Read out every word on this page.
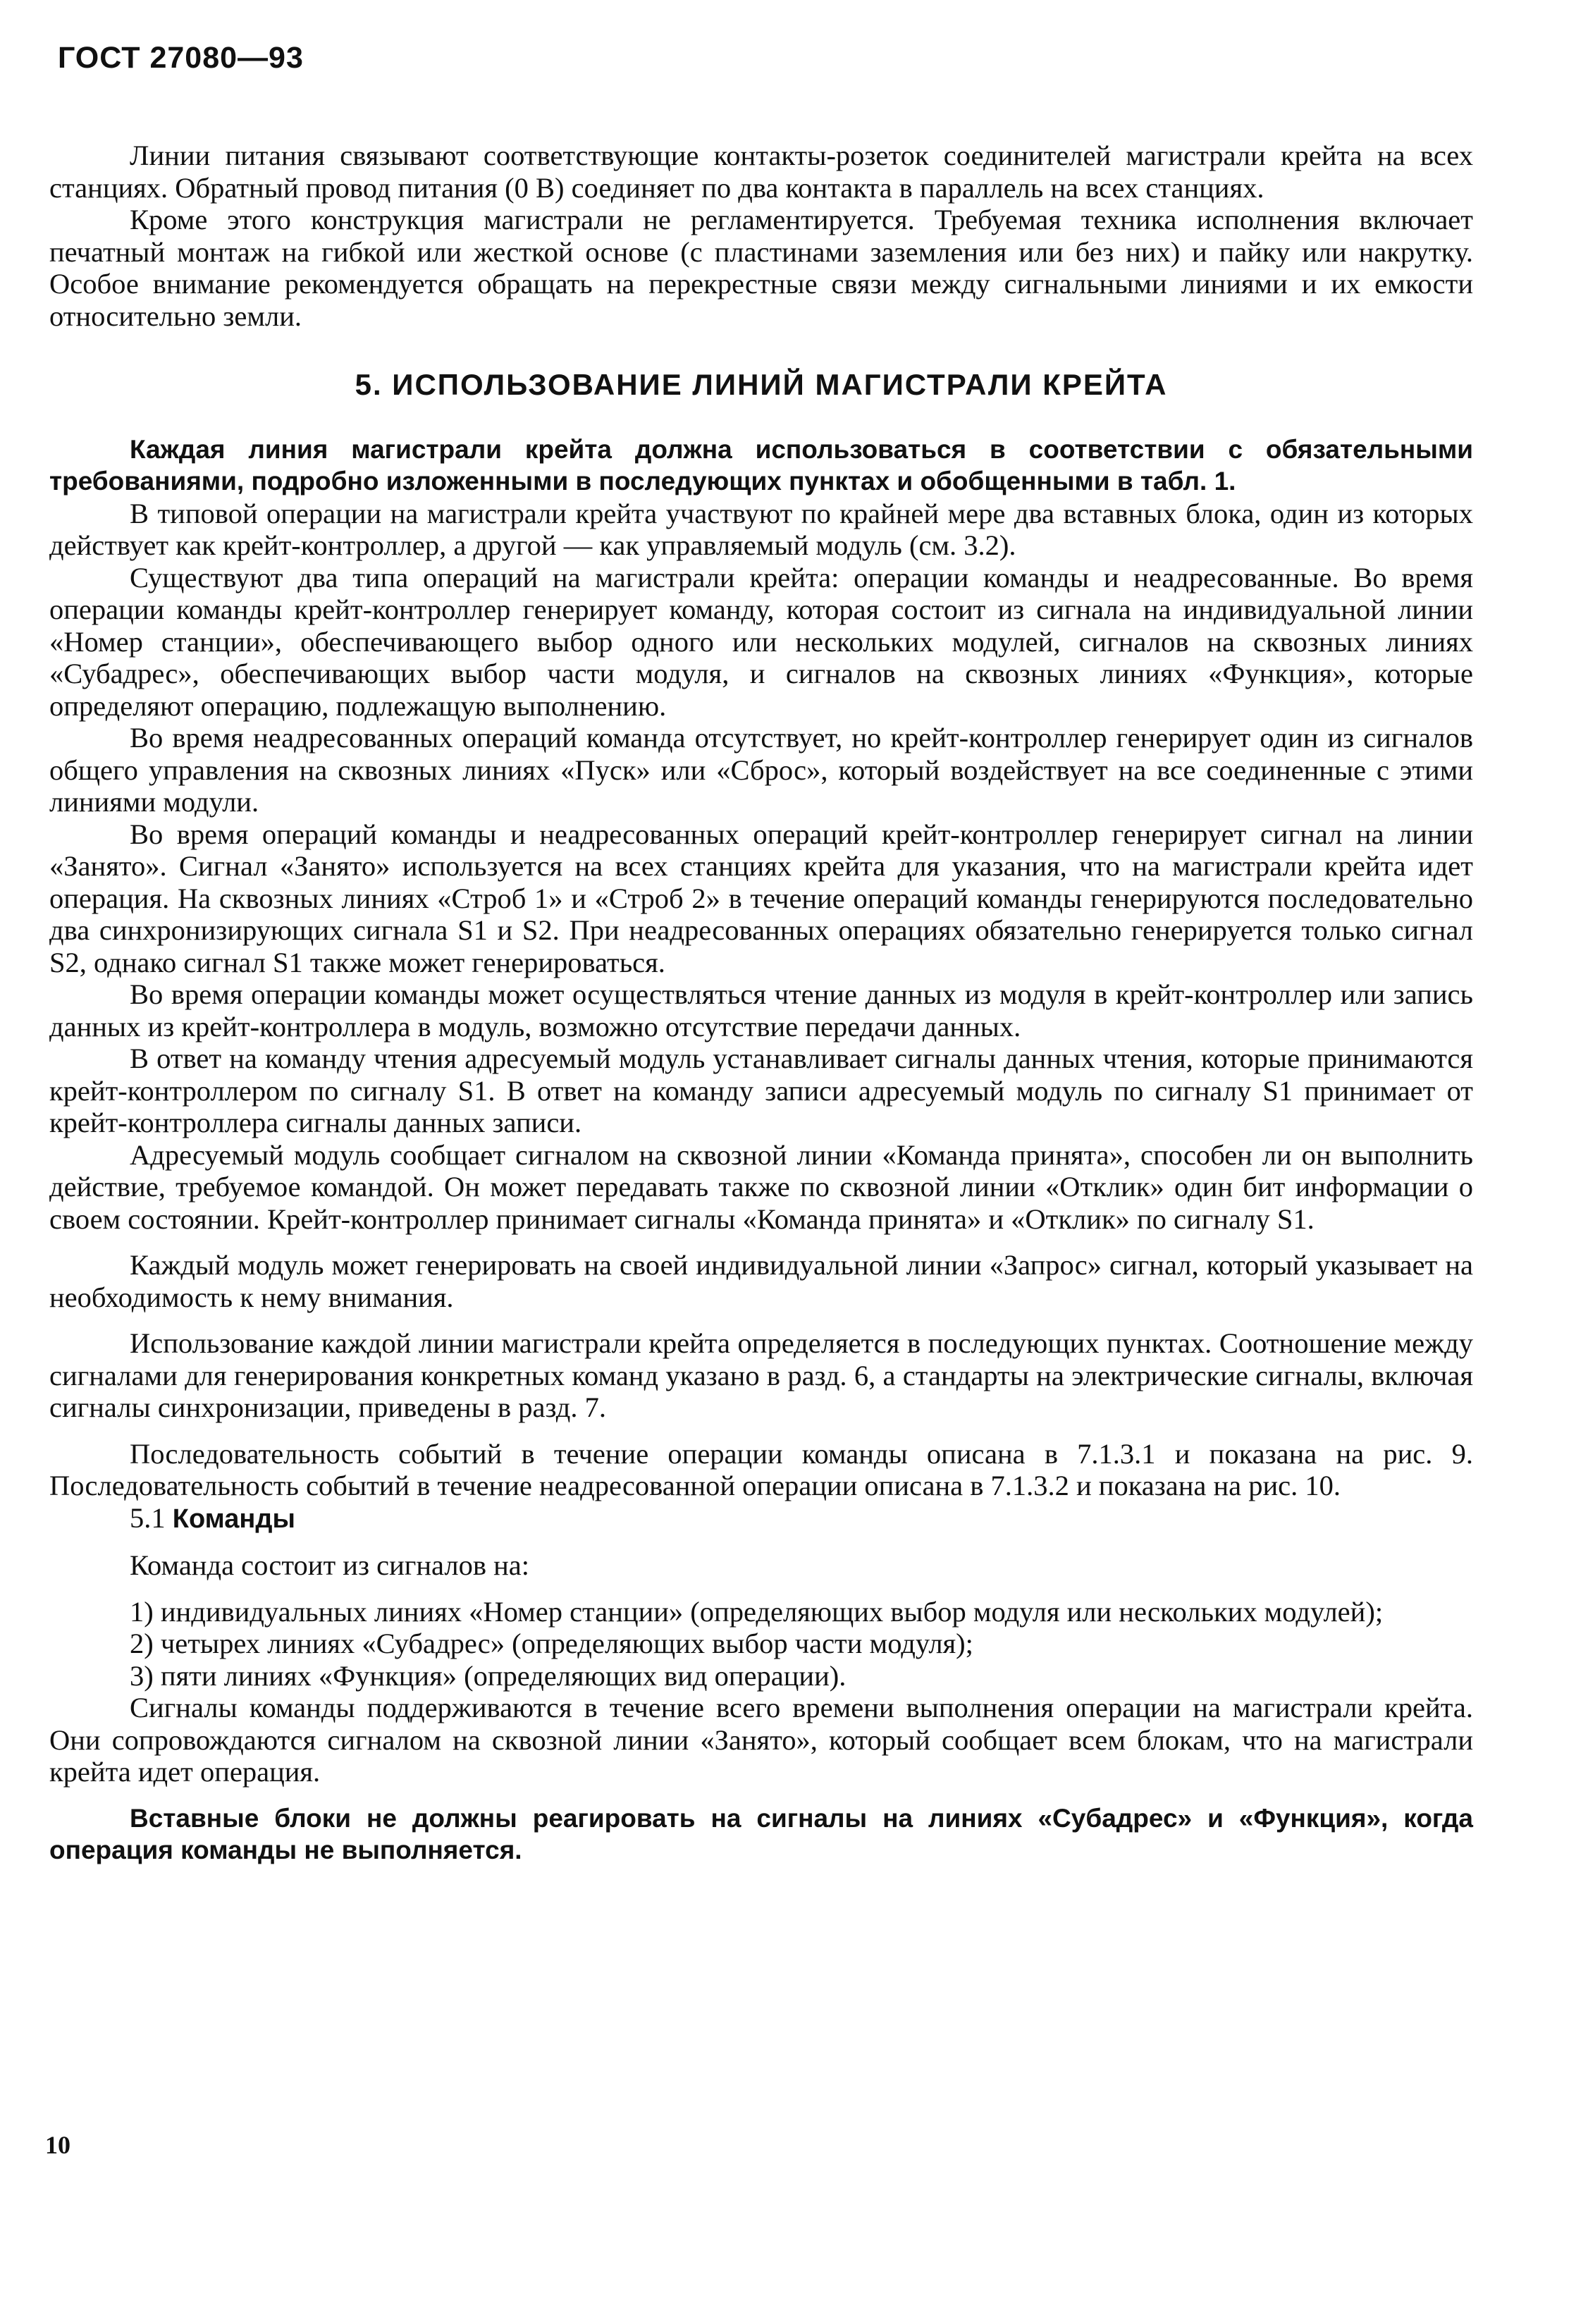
ГОСТ 27080—93

Линии питания связывают соответствующие контакты-розеток соединителей магистрали крейта на всех станциях. Обратный провод питания (0 В) соединяет по два контакта в параллель на всех станциях.

Кроме этого конструкция магистрали не регламентируется. Требуемая техника исполнения включает печатный монтаж на гибкой или жесткой основе (с пластинами заземления или без них) и пайку или накрутку. Особое внимание рекомендуется обращать на перекрестные связи между сигнальными линиями и их емкости относительно земли.

5. ИСПОЛЬЗОВАНИЕ ЛИНИЙ МАГИСТРАЛИ КРЕЙТА

Каждая линия магистрали крейта должна использоваться в соответствии с обязательными требованиями, подробно изложенными в последующих пунктах и обобщенными в табл. 1.

В типовой операции на магистрали крейта участвуют по крайней мере два вставных блока, один из которых действует как крейт-контроллер, а другой — как управляемый модуль (см. 3.2).

Существуют два типа операций на магистрали крейта: операции команды и неадресованные. Во время операции команды крейт-контроллер генерирует команду, которая состоит из сигнала на индивидуальной линии «Номер станции», обеспечивающего выбор одного или нескольких модулей, сигналов на сквозных линиях «Субадрес», обеспечивающих выбор части модуля, и сигналов на сквозных линиях «Функция», которые определяют операцию, подлежащую выполнению.

Во время неадресованных операций команда отсутствует, но крейт-контроллер генерирует один из сигналов общего управления на сквозных линиях «Пуск» или «Сброс», который воздействует на все соединенные с этими линиями модули.

Во время операций команды и неадресованных операций крейт-контроллер генерирует сигнал на линии «Занято». Сигнал «Занято» используется на всех станциях крейта для указания, что на магистрали крейта идет операция. На сквозных линиях «Строб 1» и «Строб 2» в течение операций команды генерируются последовательно два синхронизирующих сигнала S1 и S2. При неадресованных операциях обязательно генерируется только сигнал S2, однако сигнал S1 также может генерироваться.

Во время операции команды может осуществляться чтение данных из модуля в крейт-контроллер или запись данных из крейт-контроллера в модуль, возможно отсутствие передачи данных.

В ответ на команду чтения адресуемый модуль устанавливает сигналы данных чтения, которые принимаются крейт-контроллером по сигналу S1. В ответ на команду записи адресуемый модуль по сигналу S1 принимает от крейт-контроллера сигналы данных записи.

Адресуемый модуль сообщает сигналом на сквозной линии «Команда принята», способен ли он выполнить действие, требуемое командой. Он может передавать также по сквозной линии «Отклик» один бит информации о своем состоянии. Крейт-контроллер принимает сигналы «Команда принята» и «Отклик» по сигналу S1.

Каждый модуль может генерировать на своей индивидуальной линии «Запрос» сигнал, который указывает на необходимость к нему внимания.

Использование каждой линии магистрали крейта определяется в последующих пунктах. Соотношение между сигналами для генерирования конкретных команд указано в разд. 6, а стандарты на электрические сигналы, включая сигналы синхронизации, приведены в разд. 7.

Последовательность событий в течение операции команды описана в 7.1.3.1 и показана на рис. 9. Последовательность событий в течение неадресованной операции описана в 7.1.3.2 и показана на рис. 10.

5.1 Команды

Команда состоит из сигналов на:

1) индивидуальных линиях «Номер станции» (определяющих выбор модуля или нескольких модулей);

2) четырех линиях «Субадрес» (определяющих выбор части модуля);

3) пяти линиях «Функция» (определяющих вид операции).

Сигналы команды поддерживаются в течение всего времени выполнения операции на магистрали крейта. Они сопровождаются сигналом на сквозной линии «Занято», который сообщает всем блокам, что на магистрали крейта идет операция.

Вставные блоки не должны реагировать на сигналы на линиях «Субадрес» и «Функция», когда операция команды не выполняется.

10
